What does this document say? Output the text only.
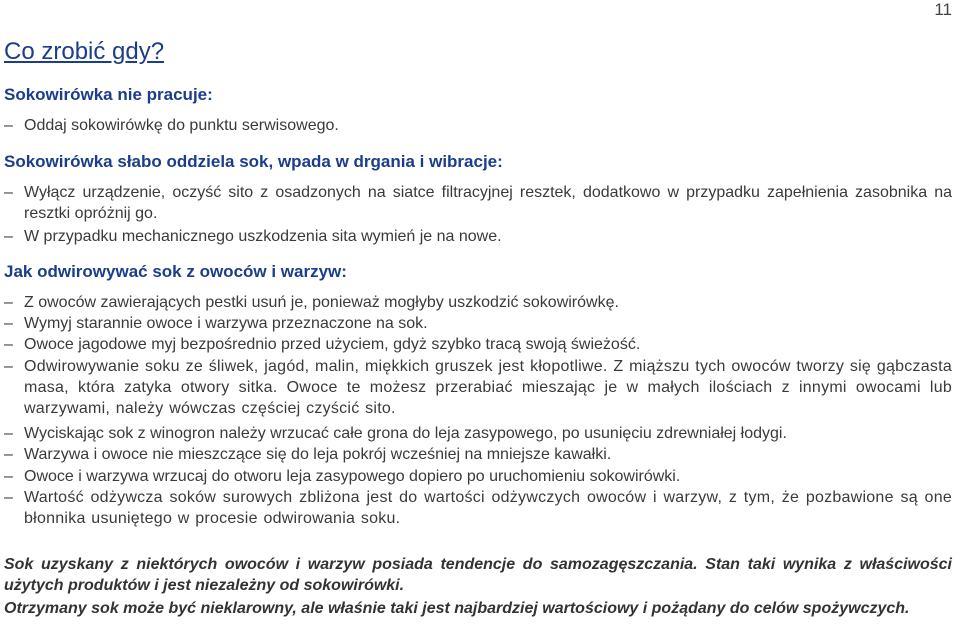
11
Co zrobić gdy?
Sokowirówka nie pracuje:
– Oddaj sokowirówkę do punktu serwisowego.
Sokowirówka słabo oddziela sok, wpada w drgania i wibracje:
– Wyłącz urządzenie, oczyść sito z osadzonych na siatce filtracyjnej resztek, dodatkowo w przypadku zapełnienia zasobnika na resztki opróżnij go.
– W przypadku mechanicznego uszkodzenia sita wymień je na nowe.
Jak odwirowywać sok z owoców i warzyw:
– Z owoców zawierających pestki usuń je, ponieważ mogłyby uszkodzić sokowirówkę.
– Wymyj starannie owoce i warzywa przeznaczone na sok.
– Owoce jagodowe myj bezpośrednio przed użyciem, gdyż szybko tracą swoją świeżość.
– Odwirowywanie soku ze śliwek, jagód, malin, miękkich gruszek jest kłopotliwe. Z miąższu tych owoców tworzy się gąbczasta masa, która zatyka otwory sitka. Owoce te możesz przerabiać mieszając je w małych ilościach z innymi owocami lub warzywami, należy wówczas częściej czyścić sito.
– Wyciskając sok z winogron należy wrzucać całe grona do leja zasypowego, po usunięciu zdrewniałej łodygi.
– Warzywa i owoce nie mieszczące się do leja pokrój wcześniej na mniejsze kawałki.
– Owoce i warzywa wrzucaj do otworu leja zasypowego dopiero po uruchomieniu sokowirówki.
– Wartość odżywcza soków surowych zbliżona jest do wartości odżywczych owoców i warzyw, z tym, że pozbawione są one błonnika usuniętego w procesie odwirowania soku.

Sok uzyskany z niektórych owoców i warzyw posiada tendencje do samozagęszczania. Stan taki wynika z właściwości użytych produktów i jest niezależny od sokowirówki.

Otrzymany sok może być nieklarowny, ale właśnie taki jest najbardziej wartościowy i pożądany do celów spożywczych.
